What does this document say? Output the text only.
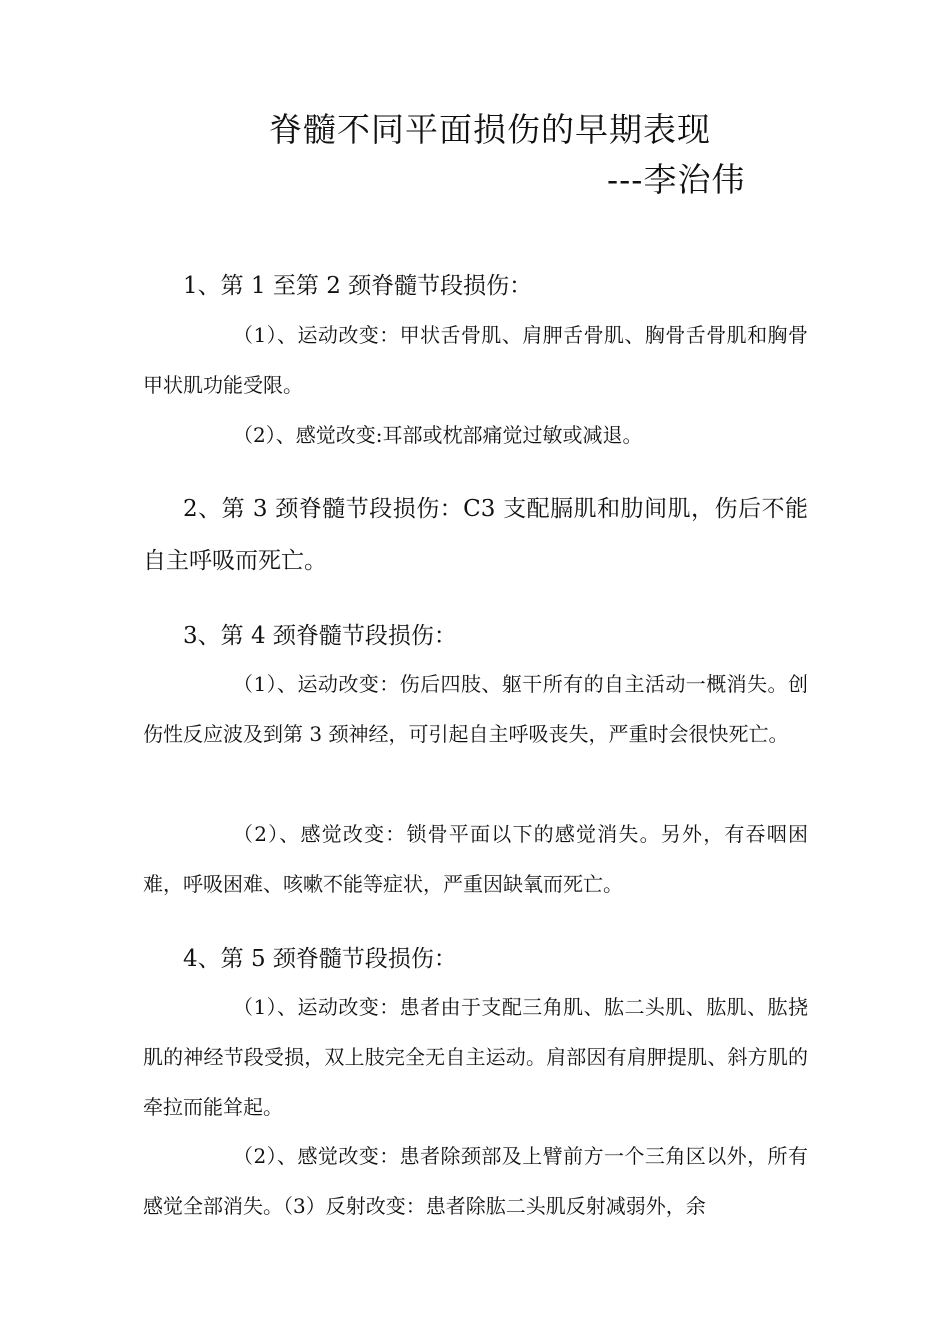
脊髓不同平面损伤的早期表现
---李治伟
1、第 1 至第 2 颈脊髓节段损伤：
（1）、运动改变：甲状舌骨肌、肩胛舌骨肌、胸骨舌骨肌和胸骨甲状肌功能受限。
（2）、感觉改变:耳部或枕部痛觉过敏或减退。
2、第 3 颈脊髓节段损伤：C3 支配膈肌和肋间肌，伤后不能自主呼吸而死亡。
3、第 4 颈脊髓节段损伤：
（1）、运动改变：伤后四肢、躯干所有的自主活动一概消失。创伤性反应波及到第 3 颈神经，可引起自主呼吸丧失，严重时会很快死亡。
（2）、感觉改变：锁骨平面以下的感觉消失。另外，有吞咽困难，呼吸困难、咳嗽不能等症状，严重因缺氧而死亡。
4、第 5 颈脊髓节段损伤：
（1）、运动改变：患者由于支配三角肌、肱二头肌、肱肌、肱挠肌的神经节段受损，双上肢完全无自主运动。肩部因有肩胛提肌、斜方肌的牵拉而能耸起。
（2）、感觉改变：患者除颈部及上臂前方一个三角区以外，所有感觉全部消失。（3）反射改变：患者除肱二头肌反射减弱外，余
